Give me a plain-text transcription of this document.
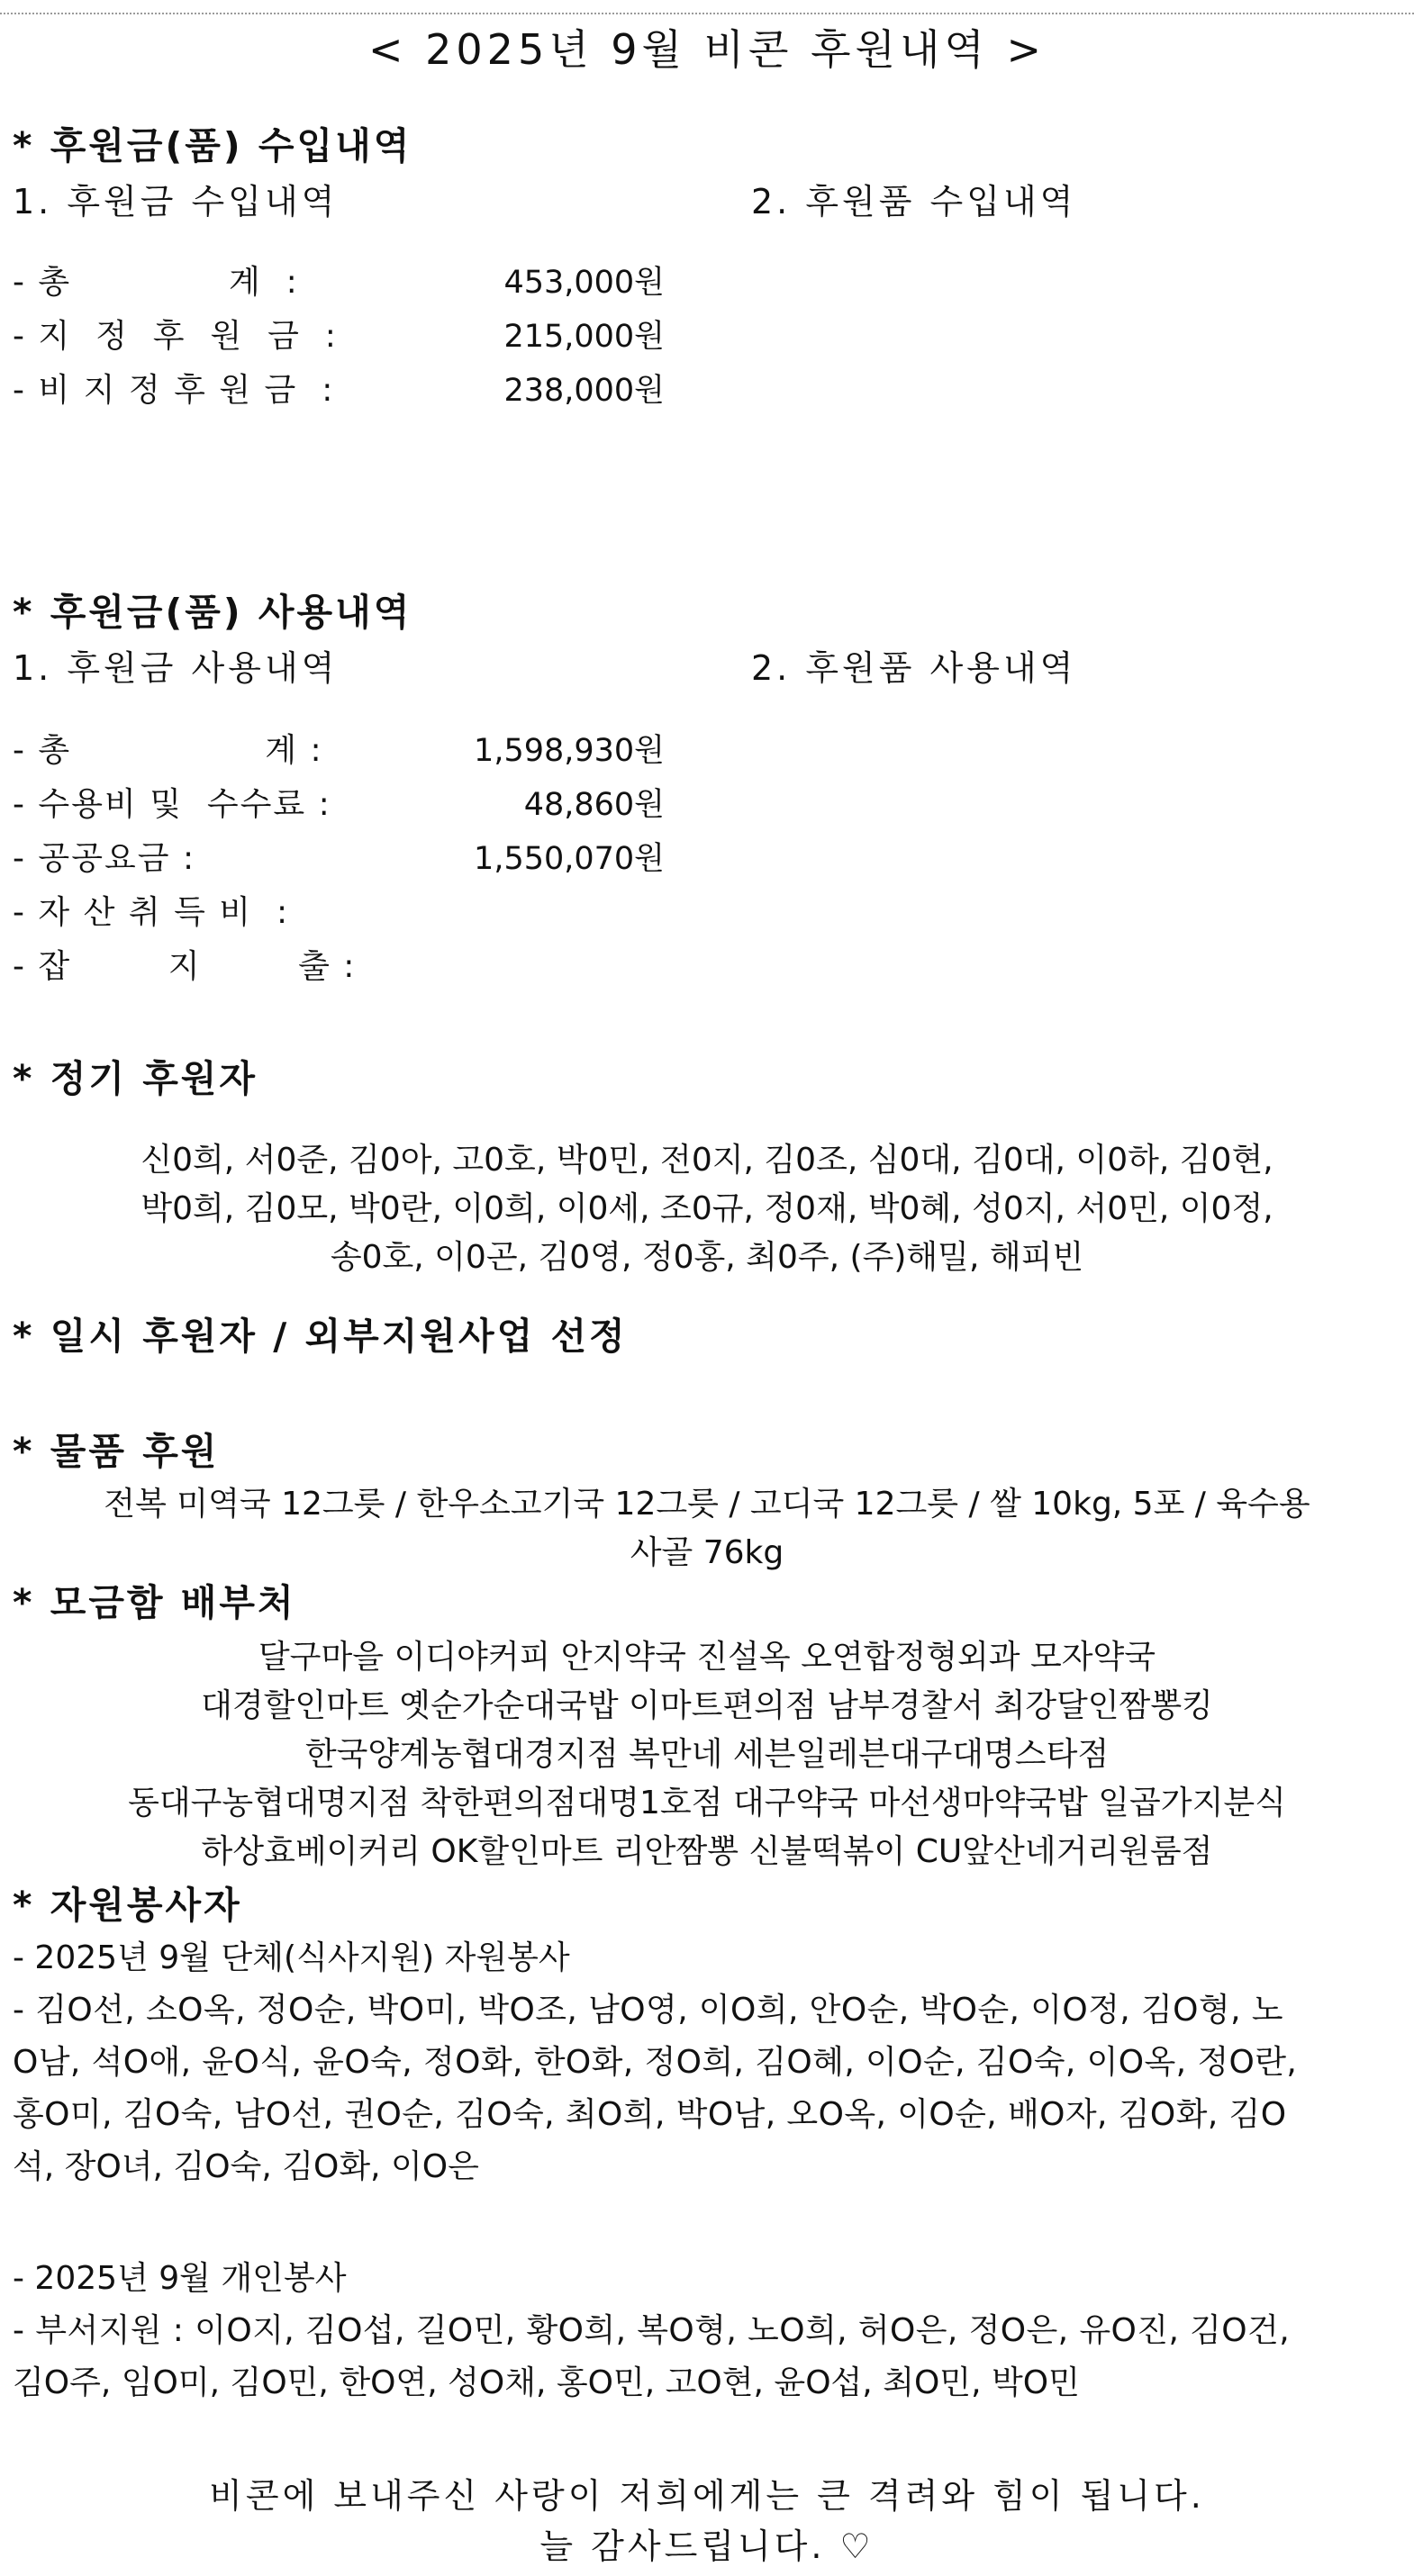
< 2025년 9월 비콘 후원내역 >
* 후원금(품) 수입내역
1. 후원금 수입내역	2. 후원품 수입내역
- 총             계  :	453,000원
- 지  정  후  원  금  :	215,000원
- 비 지 정 후 원 금  :	238,000원
* 후원금(품) 사용내역
1. 후원금 사용내역	2. 후원품 사용내역
- 총                계 :	1,598,930원
- 수용비 및  수수료 :	48,860원
- 공공요금 :	1,550,070원
- 자 산 취 득 비  :
- 잡        지        출 :
* 정기 후원자
신0희, 서0준, 김0아, 고0호, 박0민, 전0지, 김0조, 심0대, 김0대, 이0하, 김0현,
박0희, 김0모, 박0란, 이0희, 이0세, 조0규, 정0재, 박0혜, 성0지, 서0민, 이0정,
송0호, 이0곤, 김0영, 정0홍, 최0주, (주)해밀, 해피빈
* 일시 후원자 / 외부지원사업 선정
* 물품 후원
전복 미역국 12그릇 / 한우소고기국 12그릇 / 고디국 12그릇 / 쌀 10kg, 5포 / 육수용
사골 76kg
* 모금함 배부처
달구마을 이디야커피 안지약국 진설옥 오연합정형외과 모자약국
대경할인마트 옛순가순대국밥 이마트편의점 남부경찰서 최강달인짬뽕킹
한국양계농협대경지점 복만네 세븐일레븐대구대명스타점
동대구농협대명지점 착한편의점대명1호점 대구약국 마선생마약국밥 일곱가지분식
하상효베이커리 OK할인마트 리안짬뽕 신불떡볶이 CU앞산네거리원룸점
* 자원봉사자
- 2025년 9월 단체(식사지원) 자원봉사
- 김O선, 소O옥, 정O순, 박O미, 박O조, 남O영, 이O희, 안O순, 박O순, 이O정, 김O형, 노
O남, 석O애, 윤O식, 윤O숙, 정O화, 한O화, 정O희, 김O혜, 이O순, 김O숙, 이O옥, 정O란,
홍O미, 김O숙, 남O선, 권O순, 김O숙, 최O희, 박O남, 오O옥, 이O순, 배O자, 김O화, 김O
석, 장O녀, 김O숙, 김O화, 이O은
- 2025년 9월 개인봉사
- 부서지원 : 이O지, 김O섭, 길O민, 황O희, 복O형, 노O희, 허O은, 정O은, 유O진, 김O건,
김O주, 임O미, 김O민, 한O연, 성O채, 홍O민, 고O현, 윤O섭, 최O민, 박O민
비콘에 보내주신 사랑이 저희에게는 큰 격려와 힘이 됩니다.
늘 감사드립니다. ♡
